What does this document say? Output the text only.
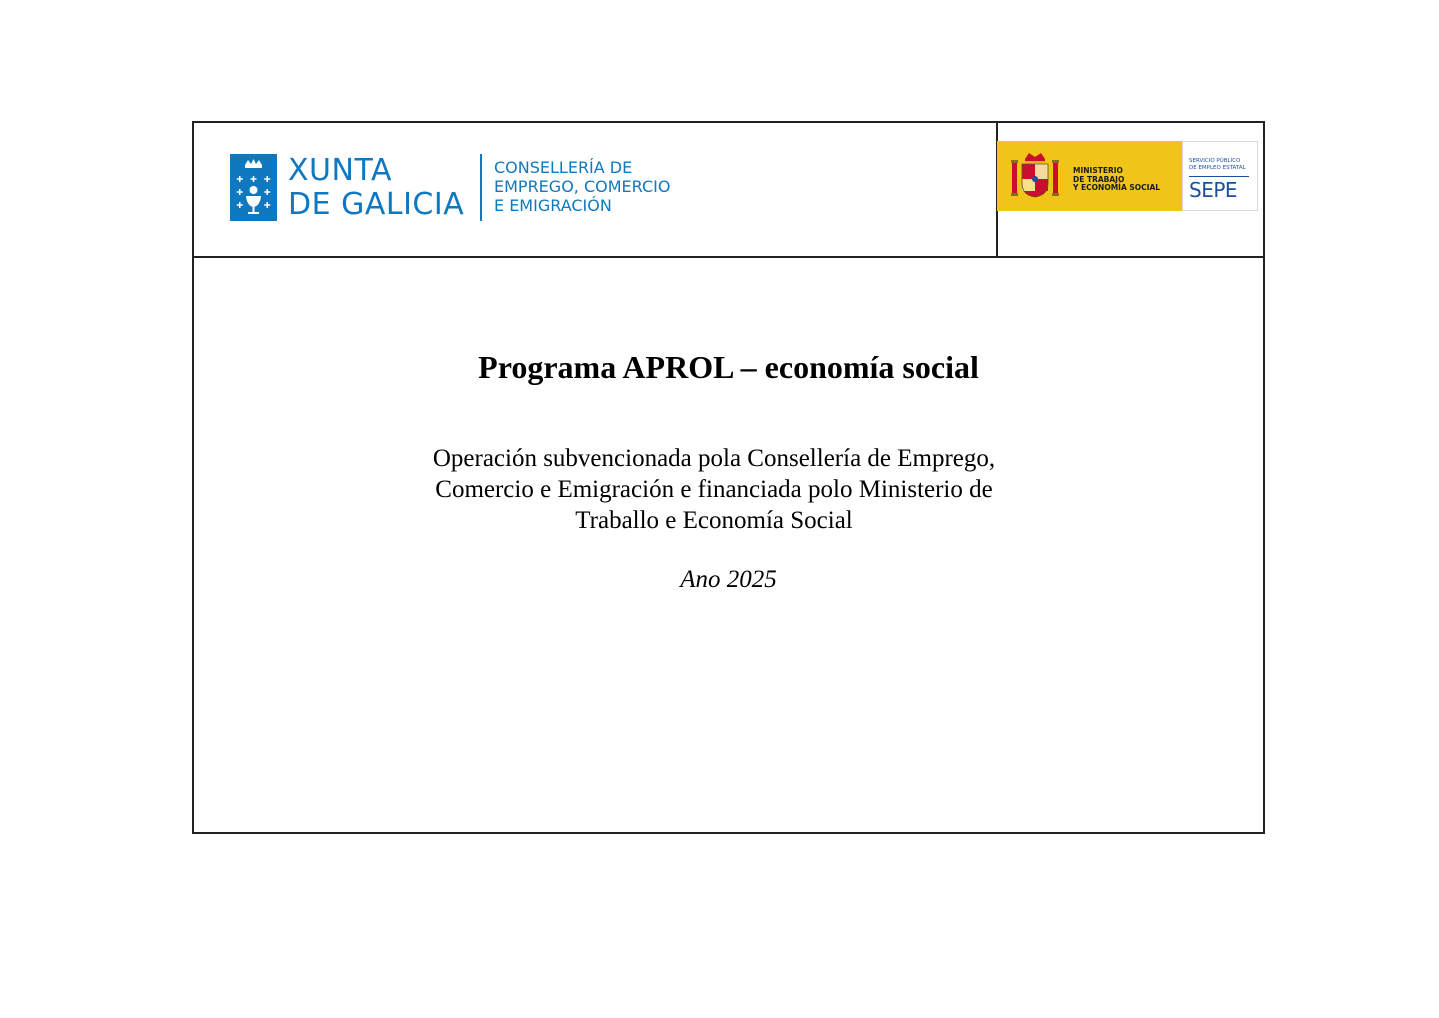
XUNTA
DE GALICIA
CONSELLERÍA DE
EMPREGO, COMERCIO
E EMIGRACIÓN
MINISTERIO
DE TRABAJO
Y ECONOMÍA SOCIAL
SERVICIO PÚBLICO
DE EMPLEO ESTATAL
SEPE
Programa APROL – economía social
Operación subvencionada pola Consellería de Emprego,
Comercio e Emigración e financiada polo Ministerio de
Traballo e Economía Social
Ano 2025
